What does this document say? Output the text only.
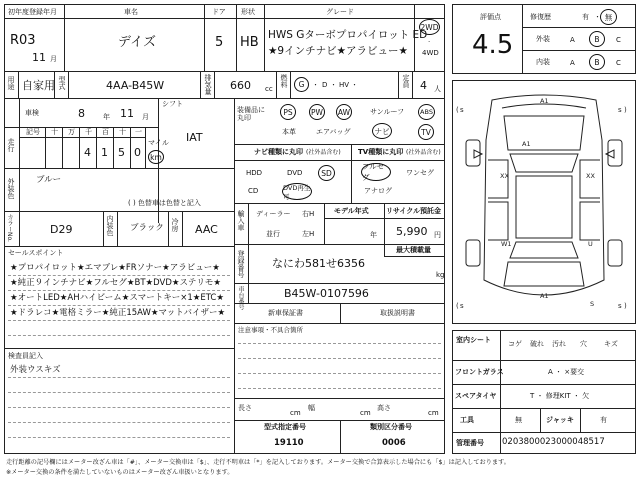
初年度登録年月	車名	ドア 形状	グレード
R03
11 月
デイズ	5 HB HWS Gターボプロパイロット ED
★9インチナビ★アラビュー★
2WD
·
4WD
用途 自家用 型式	4AA-B45W	排気量 660 cc
燃料 G ・ D ・ HV ・	定員 4 人
車検	8	年 11 月
シフト
IAT
走行
記号 十 万 千 百 十 一
4 1 5 0
マイル
km
外装色 ブルー
( ) 色替車は色替と記入
カラーNo.	D29	内装色 ブラック 冷房 AAC
セールスポイント
★プロパイロット★エマブレ★FRソナー★アラビュー★
★純正９インチナビ★フルセグ★BT★DVD★ステリモ★
★オートLED★AHハイビーム★スマートキー×1★ETC★
★ドラレコ★電格ミラー★純正15AW★マットバイザー★
検査員記入
外装ウスキズ
装備品に丸印
PS PW AW	サンルーフ ABS
本革	エアバッグ	ナビ	TV
ナビ種類に丸印 (社外品含む) TV種類に丸印 (社外品含む)
HDD	DVD	SD
CD	DVD再生可
フルセグ	ワンセグ
アナログ
輸入車 ディーラー
並行
右H
左H
モデル年式
年
リサイクル預託金
5,990 円
登録番号	最大積載量
なにわ581せ6356
kg
車台番号	B45W-0107596
新車保証書	取扱説明書
注意事項・不具合箇所
長さ
cm
幅
cm
高さ
cm
型式指定番号
19110
類別区分番号
0006
評価点
4.5
修復歴	有 ・ 無
外装	A	B C
内装	A	B C
( s	)
s
( s	)
s
A1
A1
XX	XX
W1	U
A1
S
室内シート	コゲ 破れ 汚れ 穴 キズ
フロントガラス	A ・ ×要交
スペアタイヤ	T ・ 修理KIT ・ 欠
工具	無	ジャッキ	有
管理番号 0203800023000048517
走行距離の記号欄にはメーター改ざん車は「#」、メーター交換車は「$」、走行不明車は「*」を記入しております。メーター交換で合算表示した場合にも「$」は記入しております。
※メーター交換の条件を満たしていないものはメーター改ざん車扱いとなります。
